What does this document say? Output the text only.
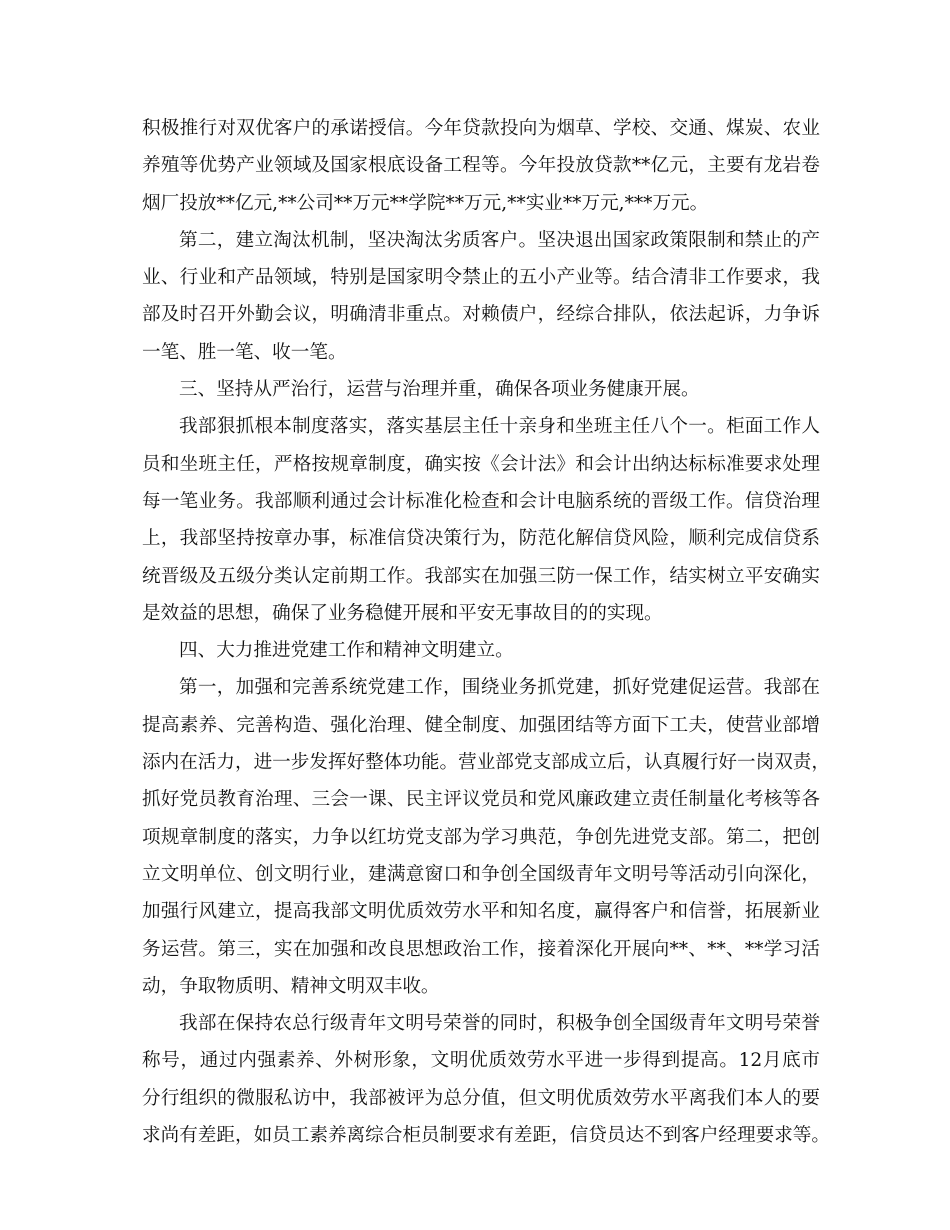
积极推行对双优客户的承诺授信。今年贷款投向为烟草、学校、交通、煤炭、农业
养殖等优势产业领域及国家根底设备工程等。今年投放贷款**亿元，主要有龙岩卷
烟厂投放**亿元,**公司**万元**学院**万元,**实业**万元,***万元。
第二，建立淘汰机制，坚决淘汰劣质客户。坚决退出国家政策限制和禁止的产
业、行业和产品领域，特别是国家明令禁止的五小产业等。结合清非工作要求，我
部及时召开外勤会议，明确清非重点。对赖债户，经综合排队，依法起诉，力争诉
一笔、胜一笔、收一笔。
三、坚持从严治行，运营与治理并重，确保各项业务健康开展。
我部狠抓根本制度落实，落实基层主任十亲身和坐班主任八个一。柜面工作人
员和坐班主任，严格按规章制度，确实按《会计法》和会计出纳达标标准要求处理
每一笔业务。我部顺利通过会计标准化检查和会计电脑系统的晋级工作。信贷治理
上，我部坚持按章办事，标准信贷决策行为，防范化解信贷风险，顺利完成信贷系
统晋级及五级分类认定前期工作。我部实在加强三防一保工作，结实树立平安确实
是效益的思想，确保了业务稳健开展和平安无事故目的的实现。
四、大力推进党建工作和精神文明建立。
第一，加强和完善系统党建工作，围绕业务抓党建，抓好党建促运营。我部在
提高素养、完善构造、强化治理、健全制度、加强团结等方面下工夫，使营业部增
添内在活力，进一步发挥好整体功能。营业部党支部成立后，认真履行好一岗双责，
抓好党员教育治理、三会一课、民主评议党员和党风廉政建立责任制量化考核等各
项规章制度的落实，力争以红坊党支部为学习典范，争创先进党支部。第二，把创
立文明单位、创文明行业，建满意窗口和争创全国级青年文明号等活动引向深化，
加强行风建立，提高我部文明优质效劳水平和知名度，赢得客户和信誉，拓展新业
务运营。第三，实在加强和改良思想政治工作，接着深化开展向**、**、**学习活
动，争取物质明、精神文明双丰收。
我部在保持农总行级青年文明号荣誉的同时，积极争创全国级青年文明号荣誉
称号，通过内强素养、外树形象，文明优质效劳水平进一步得到提高。12月底市
分行组织的微服私访中，我部被评为总分值，但文明优质效劳水平离我们本人的要
求尚有差距，如员工素养离综合柜员制要求有差距，信贷员达不到客户经理要求等。
